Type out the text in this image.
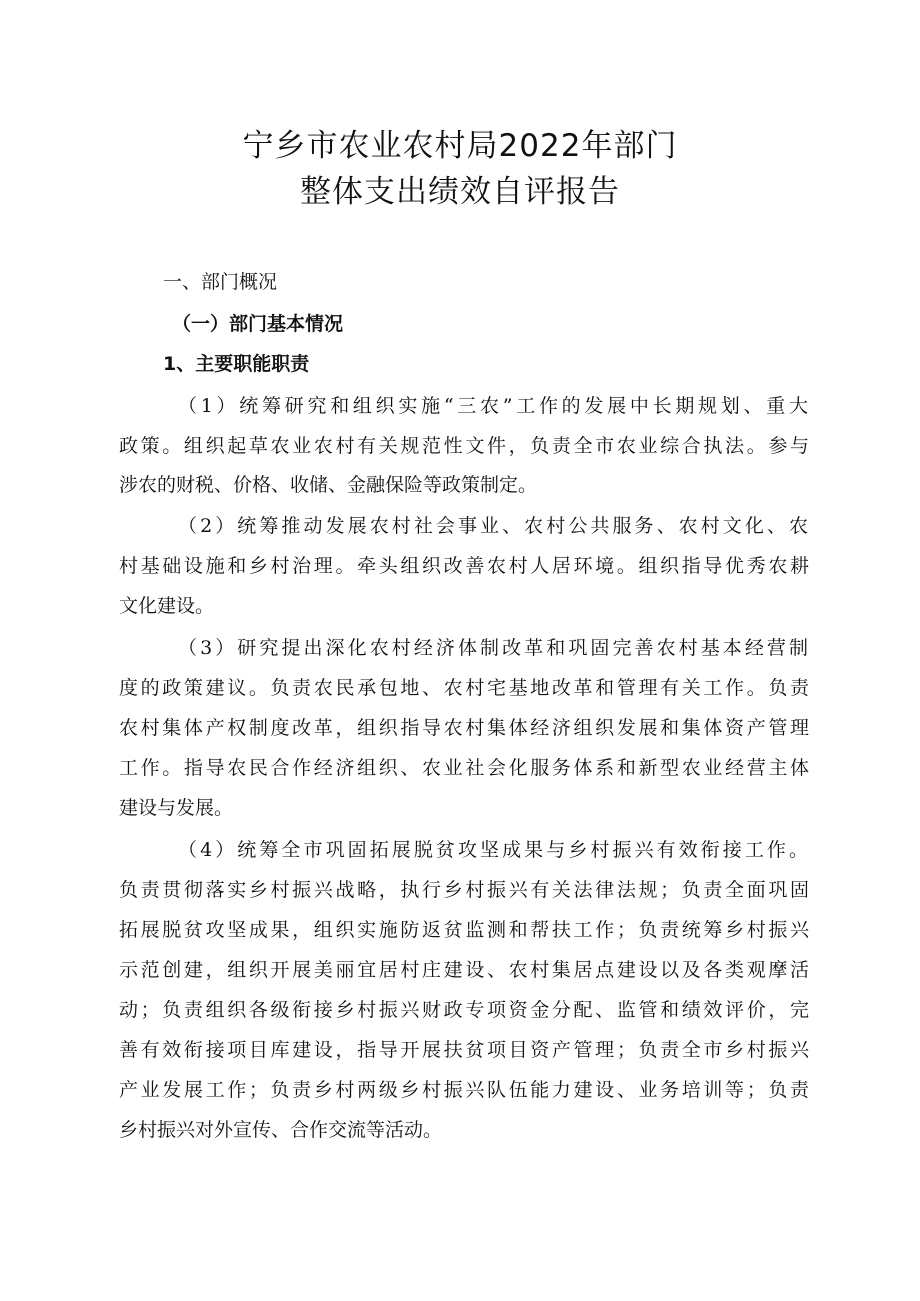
宁乡市农业农村局2022年部门
整体支出绩效自评报告
一、部门概况
（一）部门基本情况
1、主要职能职责
（1）统筹研究和组织实施“三农”工作的发展中长期规划、重大
政策。组织起草农业农村有关规范性文件，负责全市农业综合执法。参与
涉农的财税、价格、收储、金融保险等政策制定。
（2）统筹推动发展农村社会事业、农村公共服务、农村文化、农
村基础设施和乡村治理。牵头组织改善农村人居环境。组织指导优秀农耕
文化建设。
（3）研究提出深化农村经济体制改革和巩固完善农村基本经营制
度的政策建议。负责农民承包地、农村宅基地改革和管理有关工作。负责
农村集体产权制度改革，组织指导农村集体经济组织发展和集体资产管理
工作。指导农民合作经济组织、农业社会化服务体系和新型农业经营主体
建设与发展。
（4）统筹全市巩固拓展脱贫攻坚成果与乡村振兴有效衔接工作。
负责贯彻落实乡村振兴战略，执行乡村振兴有关法律法规；负责全面巩固
拓展脱贫攻坚成果，组织实施防返贫监测和帮扶工作；负责统筹乡村振兴
示范创建，组织开展美丽宜居村庄建设、农村集居点建设以及各类观摩活
动；负责组织各级衔接乡村振兴财政专项资金分配、监管和绩效评价，完
善有效衔接项目库建设，指导开展扶贫项目资产管理；负责全市乡村振兴
产业发展工作；负责乡村两级乡村振兴队伍能力建设、业务培训等；负责
乡村振兴对外宣传、合作交流等活动。
